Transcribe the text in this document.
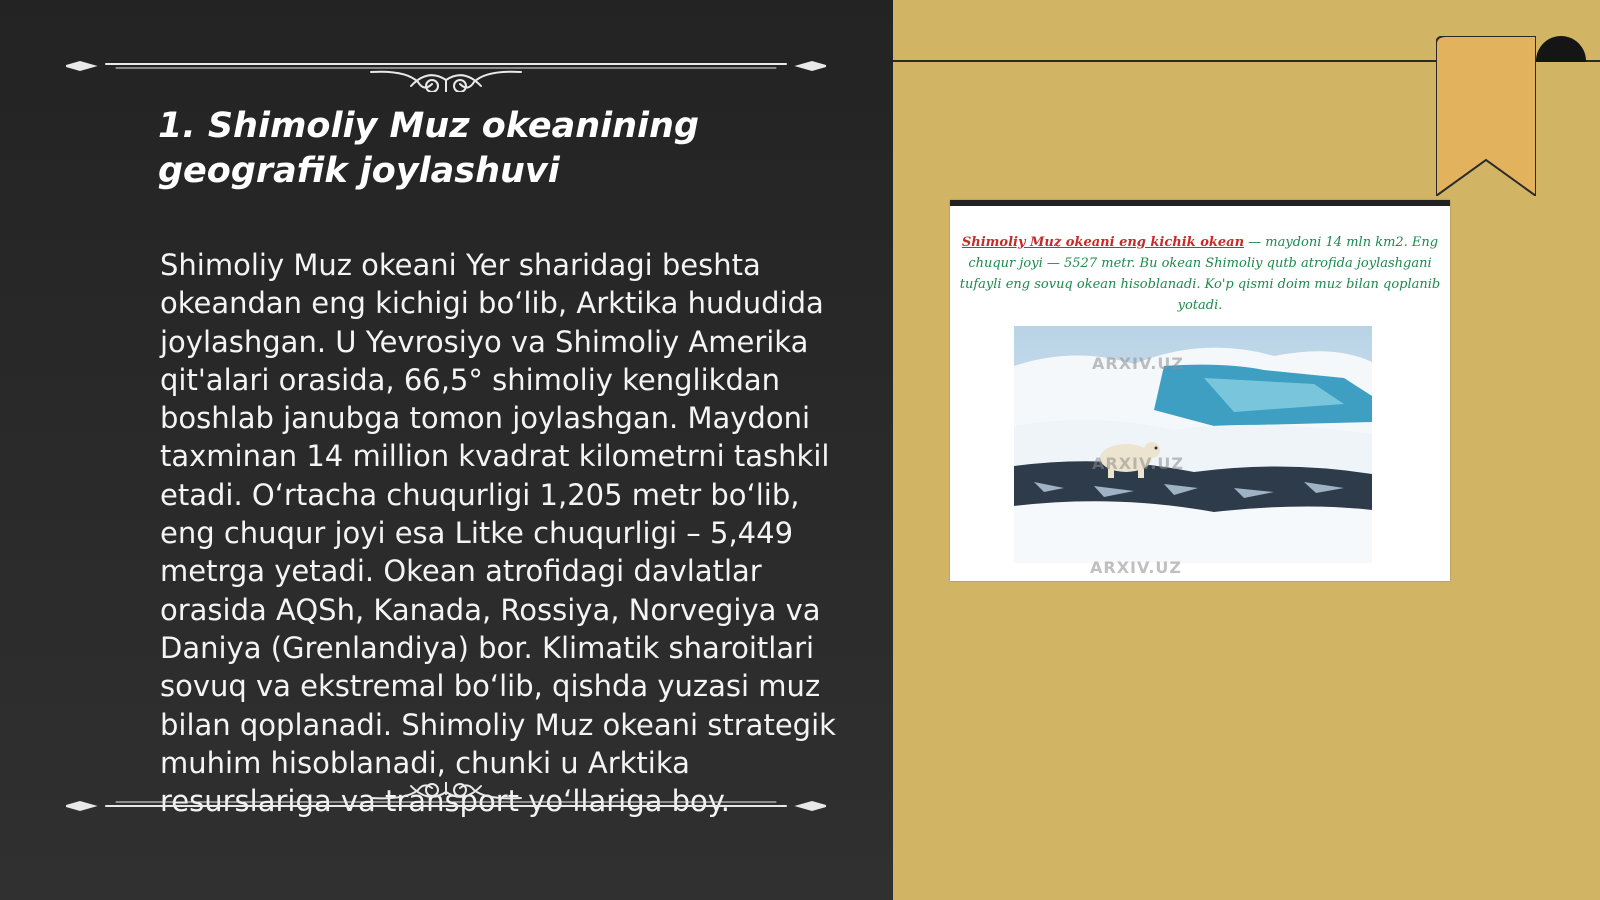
1. Shimoliy Muz okeanining geografik joylashuvi

Shimoliy Muz okeani Yer sharidagi beshta okeandan eng kichigi bo‘lib, Arktika hududida joylashgan. U Yevrosiyo va Shimoliy Amerika qit'alari orasida, 66,5° shimoliy kenglikdan boshlab janubga tomon joylashgan. Maydoni taxminan 14 million kvadrat kilometrni tashkil etadi. O‘rtacha chuqurligi 1,205 metr bo‘lib, eng chuqur joyi esa Litke chuqurligi – 5,449 metrga yetadi. Okean atrofidagi davlatlar orasida AQSh, Kanada, Rossiya, Norvegiya va Daniya (Grenlandiya) bor. Klimatik sharoitlari sovuq va ekstremal bo‘lib, qishda yuzasi muz bilan qoplanadi. Shimoliy Muz okeani strategik muhim hisoblanadi, chunki u Arktika resurslariga va transport yo‘llariga boy.

Shimoliy Muz okeani eng kichik okean — maydoni 14 mln km2. Eng chuqur joyi — 5527 metr. Bu okean Shimoliy qutb atrofida joylashgani tufayli eng sovuq okean hisoblanadi. Ko'p qismi doim muz bilan qoplanib yotadi.

ARXIV.UZ
ARXIV.UZ
ARXIV.UZ
